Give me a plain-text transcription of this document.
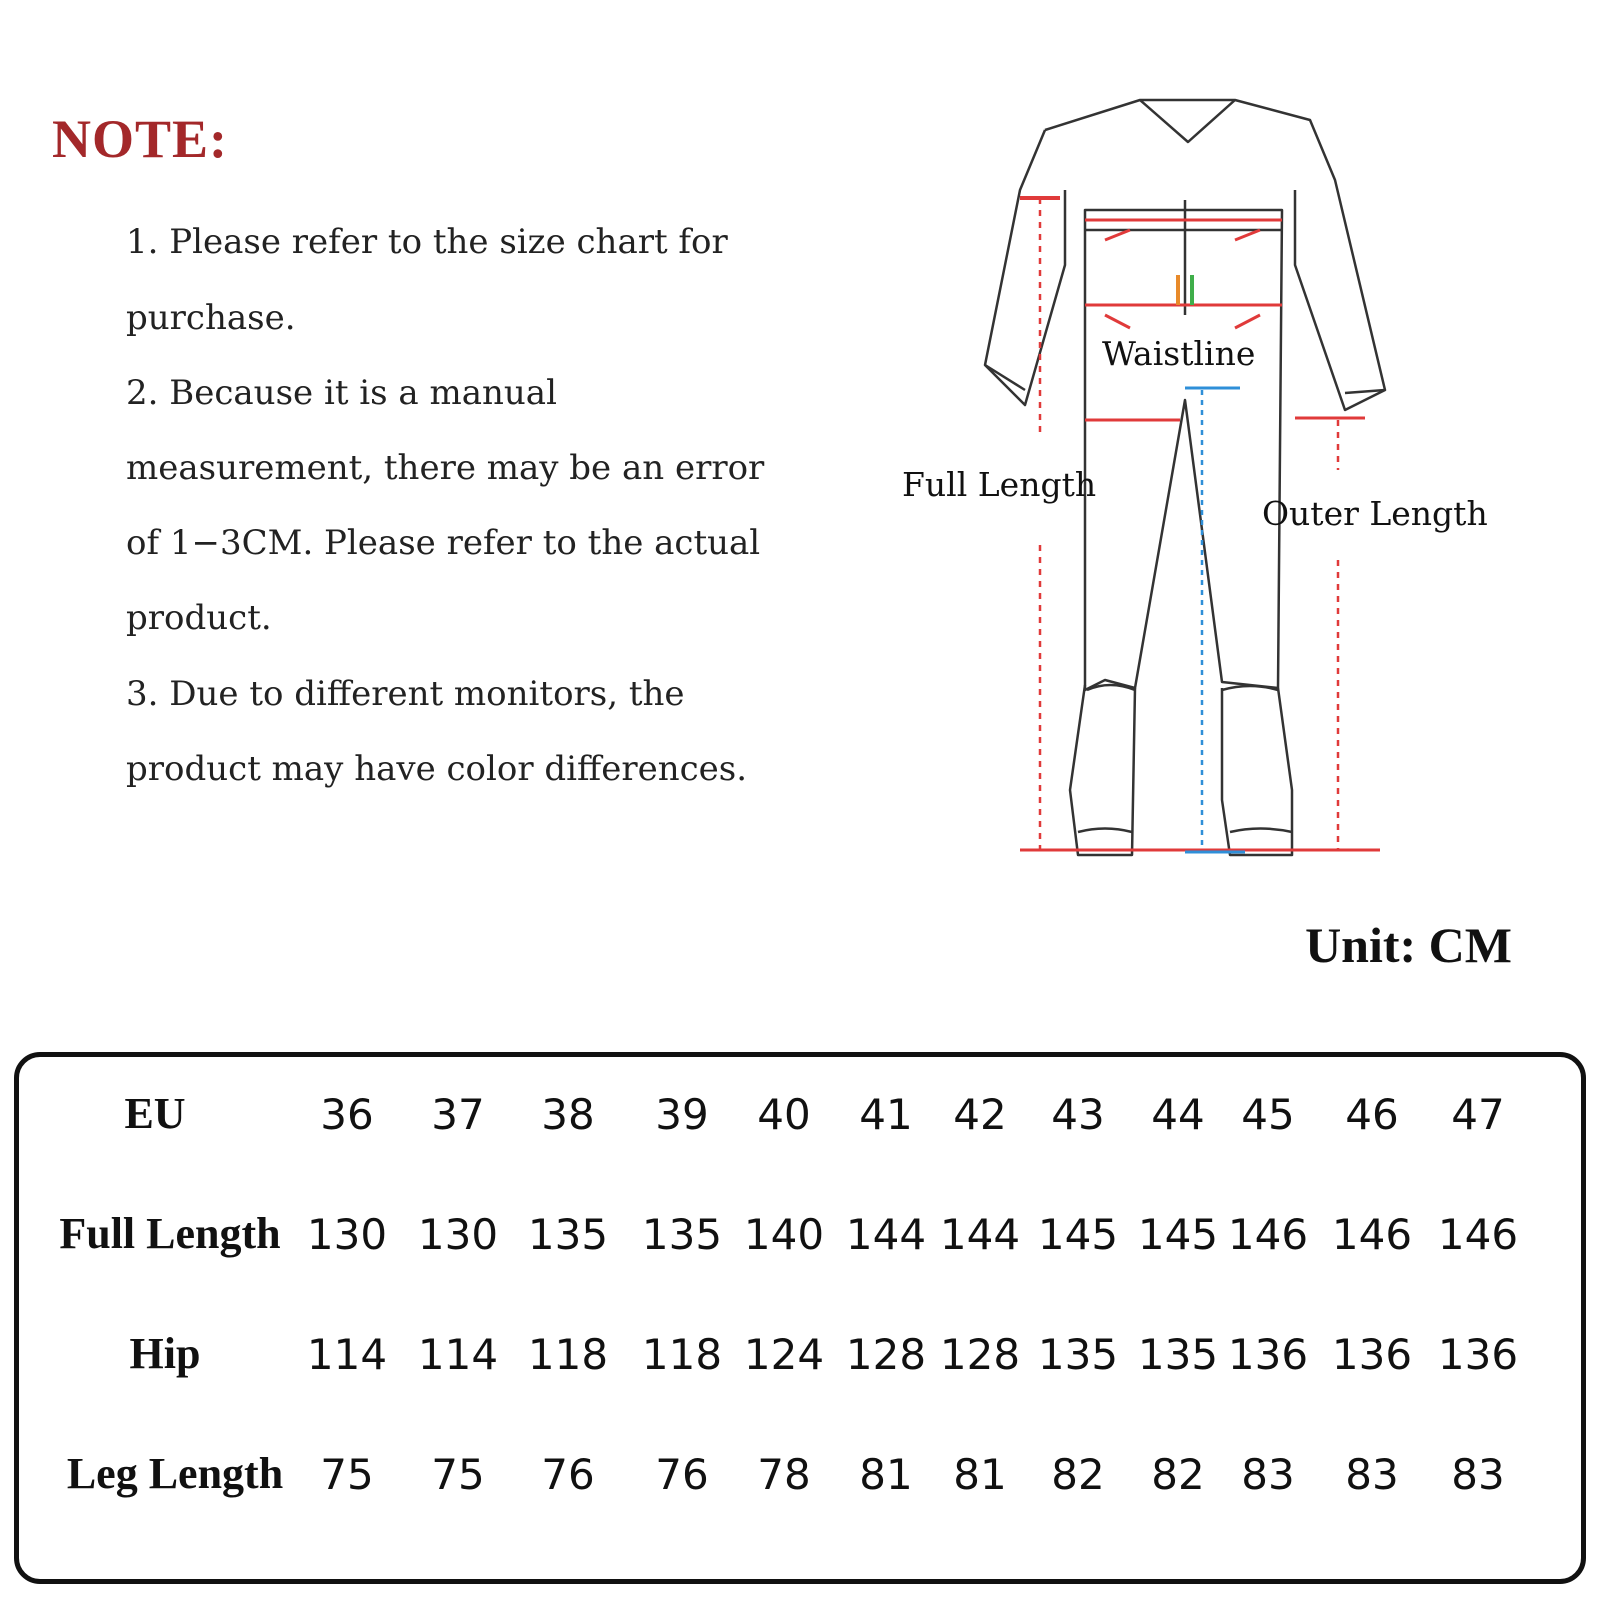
NOTE:
1. Please refer to the size chart for
purchase.
2. Because it is a manual
measurement, there may be an error
of 1−3CM. Please refer to the actual
product.
3. Due to different monitors, the
product may have color differences.
Waistline
Full Length
Outer Length
Unit: CM
EU	36	37	38	39	40	41 42	43	44 45	46	47
Full Length 130 130 135 135 140 144 144 145 145 146 146 146
Hip	114 114 118 118 124 128 128 135 135 136 136 136
Leg Length 75	75	76	76	78	81 81	82	82 83	83	83
